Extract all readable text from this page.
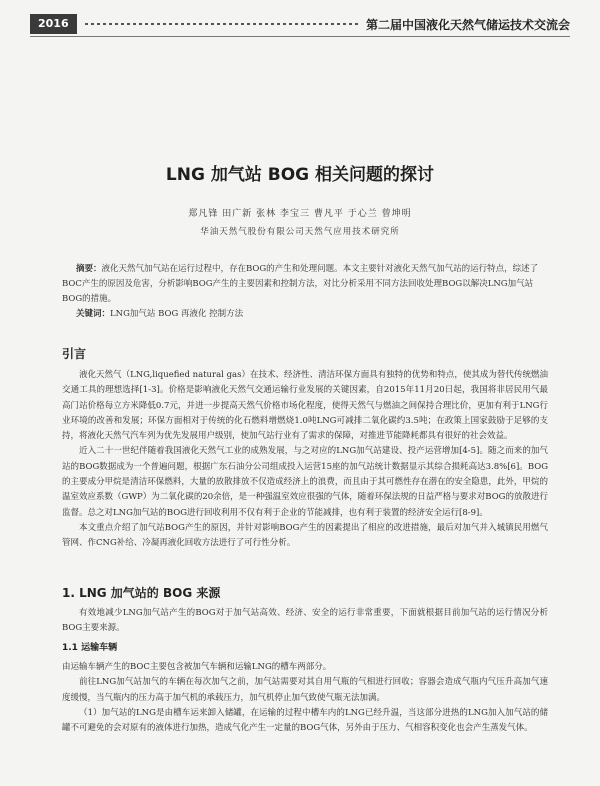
2016	第二届中国液化天然气储运技术交流会
LNG 加气站 BOG 相关问题的探讨
郑凡锋 田广新 张林 李宝三 曹凡平 于心兰 曾坤明
华油天然气股份有限公司天然气应用技术研究所

摘要：液化天然气加气站在运行过程中，存在BOG的产生和处理问题。本文主要针对液化天然气加气站的运行特点，综述了BOC产生的原因及危害，分析影响BOG产生的主要因素和控制方法，对比分析采用不同方法回收处理BOG以解决LNG加气站BOG的措施。

关键词：LNG加气站 BOG 再液化 控制方法

引言

液化天然气（LNG,liquefied natural gas）在技术、经济性、清洁环保方面具有独特的优势和特点，使其成为替代传统燃油交通工具的理想选择[1-3]。价格是影响液化天然气交通运输行业发展的关键因素，自2015年11月20日起，我国将非居民用气最高门站价格每立方米降低0.7元，并进一步提高天然气价格市场化程度，使得天然气与燃油之间保持合理比价，更加有利于LNG行业环境的改善和发展；环保方面相对于传统的化石燃料增燃烧1.0吨LNG可减排二氧化碳约3.5吨；在政策上国家鼓励于足够的支持，将液化天然气汽车列为优先发展用户级别，使加气站行业有了需求的保障，对推进节能降耗都具有很好的社会效益。

近入二十一世纪伴随着我国液化天然气工业的成熟发展，与之对应的LNG加气站建设、投产运营增加[4-5]。随之而来的加气站的BOG数据成为一个普遍问题，根据广东石油分公司组成投入运营15座的加气站统计数据显示其综合损耗高达3.8%[6]。BOG的主要成分甲烷是清洁环保燃料，大量的放散排放不仅造成经济上的浪费，而且由于其可燃性存在潜在的安全隐患，此外，甲烷的温室效应系数（GWP）为二氧化碳的20余倍，是一种强温室效应很强的气体，随着环保法规的日益严格与要求对BOG的放散进行监督。总之对LNG加气站的BOG进行回收利用不仅有利于企业的节能减排，也有利于装置的经济安全运行[8-9]。

本文重点介绍了加气站BOG产生的原因，并针对影响BOG产生的因素提出了相应的改进措施，最后对加气并入城镇民用燃气管网、作CNG补给、冷凝再液化回收方法进行了可行性分析。

1. LNG 加气站的 BOG 来源

有效地减少LNG加气站产生的BOG对于加气站高效、经济、安全的运行非常重要，下面就根据目前加气站的运行情况分析BOG主要来源。

1.1 运输车辆

由运输车辆产生的BOC主要包含被加气车辆和运输LNG的槽车两部分。

前往LNG加气站加气的车辆在每次加气之前，加气站需要对其自用气瓶的气相进行回收；容器会造成气瓶内气压升高加气速度缓慢，当气瓶内的压力高于加气机的承载压力，加气机停止加气致使气瓶无法加满。

（1）加气站的LNG是由槽车运来卸入储罐，在运输的过程中槽车内的LNG已经升温，当这部分进热的LNG加入加气站的储罐不可避免的会对原有的液体进行加热，造成气化产生一定量的BOG气体，另外由于压力、气相容积变化也会产生蒸发气体。
